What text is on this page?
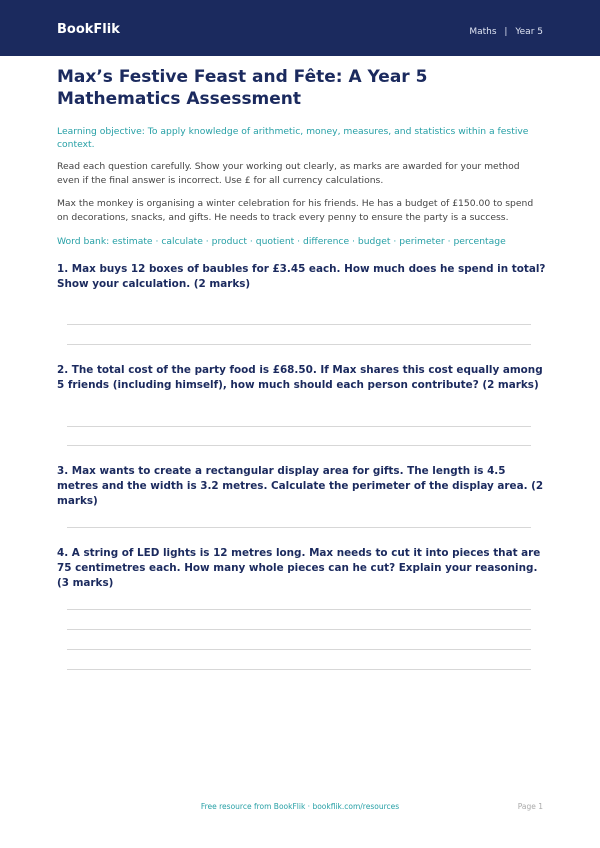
BookFlik	Maths | Year 5
Max’s Festive Feast and Fête: A Year 5 Mathematics Assessment
Learning objective: To apply knowledge of arithmetic, money, measures, and statistics within a festive context.
Read each question carefully. Show your working out clearly, as marks are awarded for your method even if the final answer is incorrect. Use £ for all currency calculations.
Max the monkey is organising a winter celebration for his friends. He has a budget of £150.00 to spend on decorations, snacks, and gifts. He needs to track every penny to ensure the party is a success.
Word bank: estimate · calculate · product · quotient · difference · budget · perimeter · percentage
1. Max buys 12 boxes of baubles for £3.45 each. How much does he spend in total? Show your calculation. (2 marks)
2. The total cost of the party food is £68.50. If Max shares this cost equally among 5 friends (including himself), how much should each person contribute? (2 marks)
3. Max wants to create a rectangular display area for gifts. The length is 4.5 metres and the width is 3.2 metres. Calculate the perimeter of the display area. (2 marks)
4. A string of LED lights is 12 metres long. Max needs to cut it into pieces that are 75 centimetres each. How many whole pieces can he cut? Explain your reasoning. (3 marks)
Free resource from BookFlik · bookflik.com/resources	Page 1
